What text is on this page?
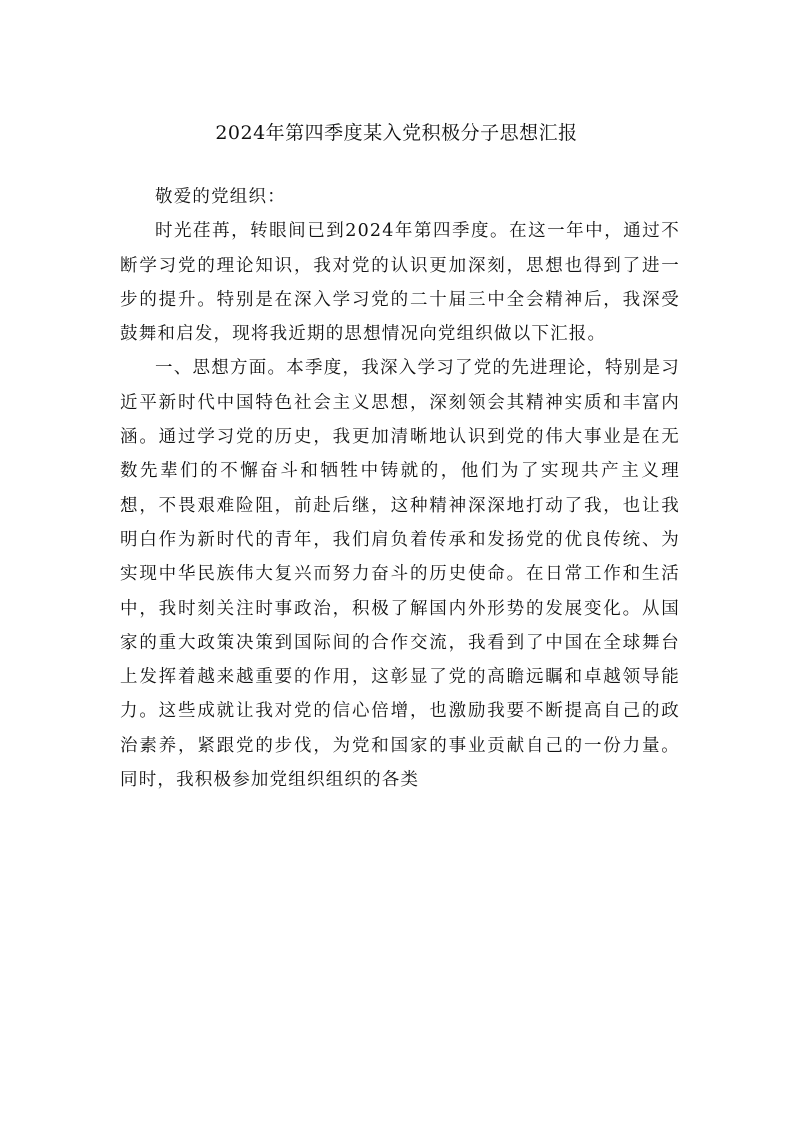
2024年第四季度某入党积极分子思想汇报

敬爱的党组织：

时光荏苒，转眼间已到2024年第四季度。在这一年中，通过不断学习党的理论知识，我对党的认识更加深刻，思想也得到了进一步的提升。特别是在深入学习党的二十届三中全会精神后，我深受鼓舞和启发，现将我近期的思想情况向党组织做以下汇报。

一、思想方面。本季度，我深入学习了党的先进理论，特别是习近平新时代中国特色社会主义思想，深刻领会其精神实质和丰富内涵。通过学习党的历史，我更加清晰地认识到党的伟大事业是在无数先辈们的不懈奋斗和牺牲中铸就的，他们为了实现共产主义理想，不畏艰难险阻，前赴后继，这种精神深深地打动了我，也让我明白作为新时代的青年，我们肩负着传承和发扬党的优良传统、为实现中华民族伟大复兴而努力奋斗的历史使命。在日常工作和生活中，我时刻关注时事政治，积极了解国内外形势的发展变化。从国家的重大政策决策到国际间的合作交流，我看到了中国在全球舞台上发挥着越来越重要的作用，这彰显了党的高瞻远瞩和卓越领导能力。这些成就让我对党的信心倍增，也激励我要不断提高自己的政治素养，紧跟党的步伐，为党和国家的事业贡献自己的一份力量。同时，我积极参加党组织组织的各类
